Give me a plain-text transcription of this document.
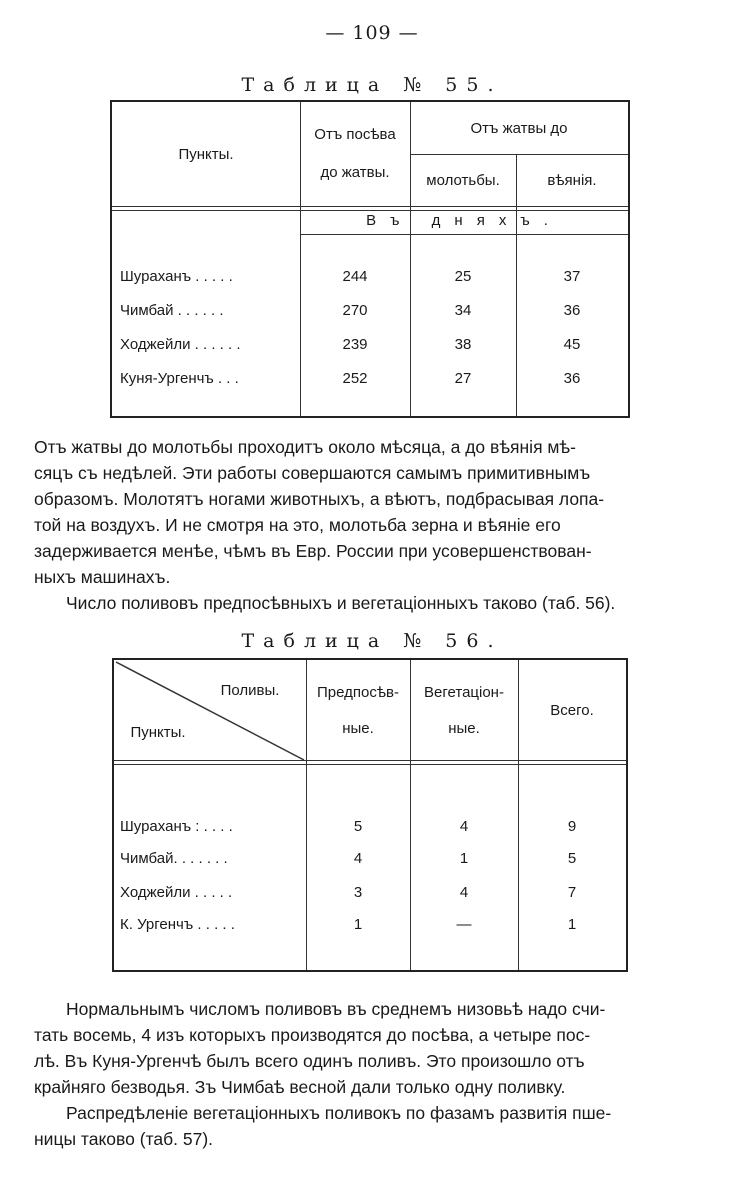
— 109 —
Таблица № 55.
Пункты.
Отъ посѣва
до жатвы.
Отъ жатвы до
молотьбы.	вѣянія.
Въ дняхъ.
Шураханъ . . . . .	244	25	37
Чимбай . . . . . .	270	34	36
Ходжейли . . . . . .	239	38	45
Куня-Ургенчъ . . .	252	27	36
Отъ жатвы до молотьбы проходитъ около мѣсяца, а до вѣянія мѣ-
сяцъ съ недѣлей. Эти работы совершаются самымъ примитивнымъ
образомъ. Молотятъ ногами животныхъ, а вѣютъ, подбрасывая лопа-
той на воздухъ. И не смотря на это, молотьба зерна и вѣяніе его
задерживается менѣе, чѣмъ въ Евр. России при усовершенствован-
ныхъ машинахъ.
Число поливовъ предпосѣвныхъ и вегетаціонныхъ таково (таб. 56).
Таблица № 56.
Поливы.
Пункты.
Предпосѣв-
ные.
Вегетаціон-
ные.
Всего.
Шураханъ : . . . .	5	4	9
Чимбай. . . . . . .	4	1	5
Ходжейли . . . . .	3	4	7
К. Ургенчъ . . . . .	1	—	1
Нормальнымъ числомъ поливовъ въ среднемъ низовьѣ надо счи-
тать восемь, 4 изъ которыхъ производятся до посѣва, а четыре пос-
лѣ. Въ Куня-Ургенчѣ былъ всего одинъ поливъ. Это произошло отъ
крайняго безводья. Зъ Чимбаѣ весной дали только одну поливку.
Распредѣленіе вегетаціонныхъ поливокъ по фазамъ развитія пше-
ницы таково (таб. 57).
